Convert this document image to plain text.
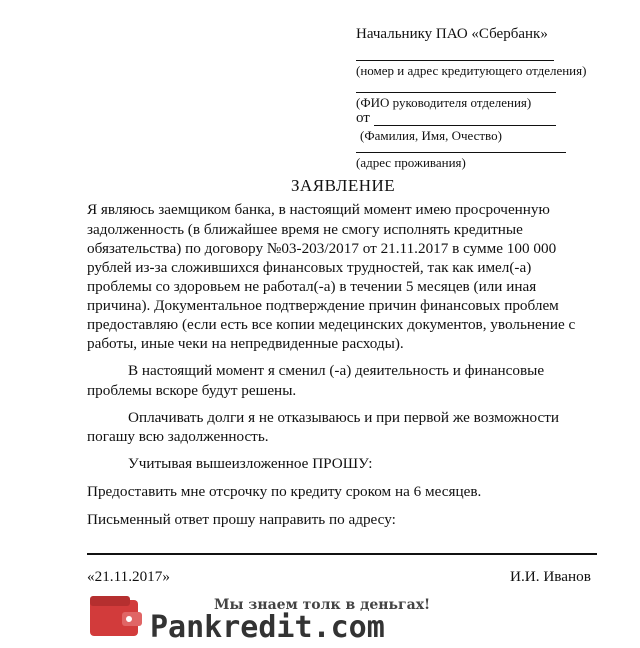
Начальнику ПАО «Сбербанк»
(номер и адрес кредитующего отделения)
(ФИО руководителя отделения)
от
(Фамилия, Имя, Очество)
(адрес проживания)
ЗАЯВЛЕНИЕ
Я являюсь заемщиком банка, в настоящий момент имею просроченную
задолженность (в ближайшее время не смогу исполнять кредитные
обязательства) по договору №03-203/2017 от 21.11.2017 в сумме 100 000
рублей из-за сложившихся финансовых трудностей, так как имел(-а)
проблемы со здоровьем не работал(-а) в течении 5 месяцев (или иная
причина). Документальное подтверждение причин финансовых проблем
предоставляю (если есть все копии медецинских документов, увольнение с
работы, иные чеки на непредвиденные расходы).
В настоящий момент я сменил (-а) деяительность и финансовые
проблемы вскоре будут решены.
Оплачивать долги я не отказываюсь и при первой же возможности
погашу всю задолженность.
Учитывая вышеизложенное ПРОШУ:
Предоставить мне отсрочку по кредиту сроком на 6 месяцев.
Письменный ответ прошу направить по адресу:
«21.11.2017»	И.И. Иванов
Мы знаем толк в деньгах!
Pankredit.com
